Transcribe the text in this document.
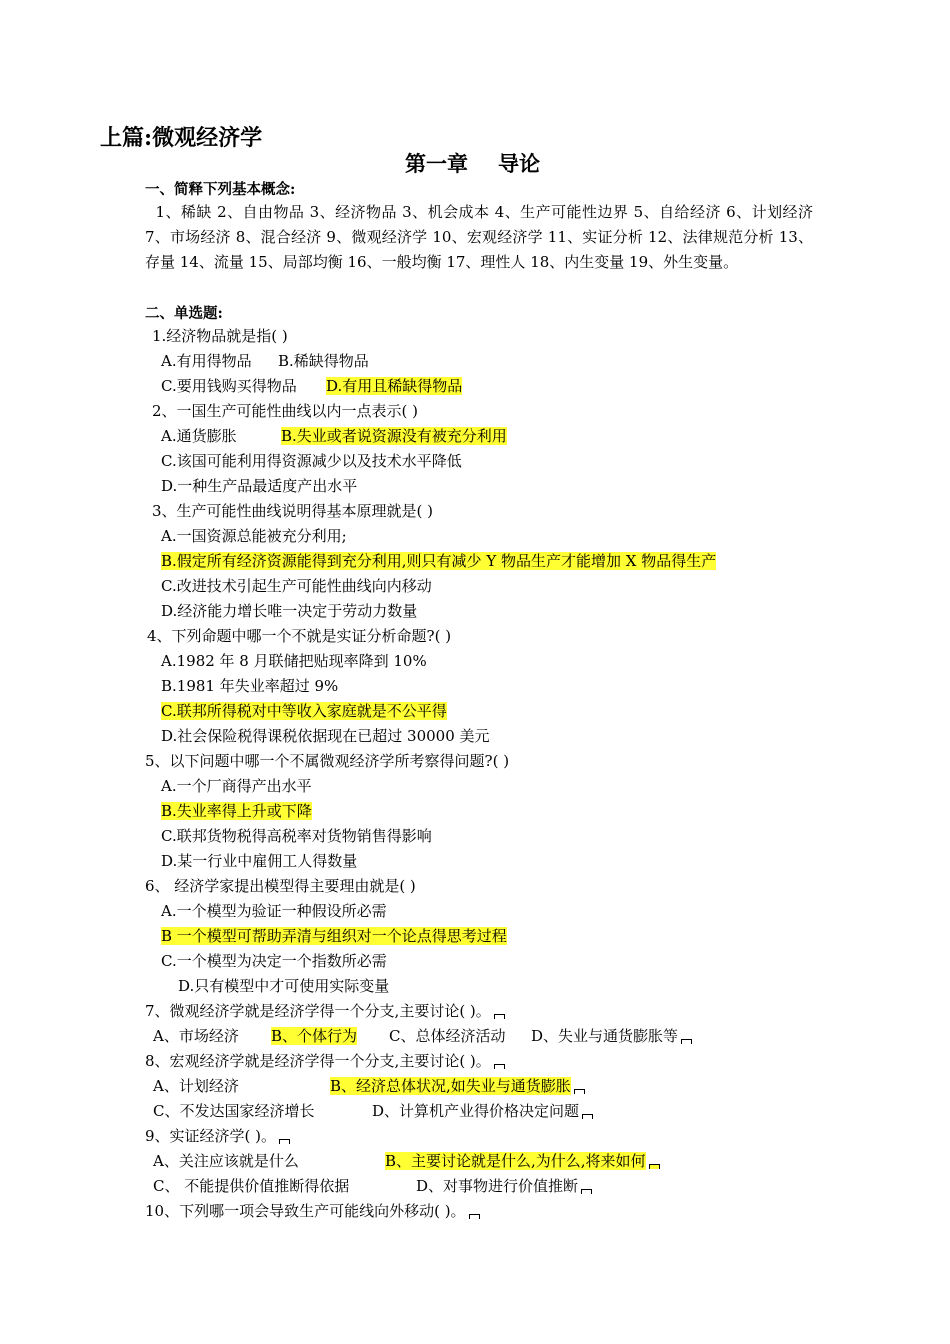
上篇:微观经济学
第一章 导论
一、简释下列基本概念:
1、稀缺 2、自由物品 3、经济物品 3、机会成本 4、生产可能性边界 5、自给经济 6、计划经济 7、市场经济 8、混合经济 9、微观经济学 10、宏观经济学 11、实证分析 12、法律规范分析 13、存量 14、流量 15、局部均衡 16、一般均衡 17、理性人 18、内生变量 19、外生变量。
二、单选题:
1.经济物品就是指( )
A.有用得物品 B.稀缺得物品
C.要用钱购买得物品 D.有用且稀缺得物品
2、一国生产可能性曲线以内一点表示( )
A.通货膨胀	B.失业或者说资源没有被充分利用
C.该国可能利用得资源减少以及技术水平降低
D.一种生产品最适度产出水平
3、生产可能性曲线说明得基本原理就是( )
A.一国资源总能被充分利用;
B.假定所有经济资源能得到充分利用,则只有减少 Y 物品生产才能增加 X 物品得生产
C.改进技术引起生产可能性曲线向内移动
D.经济能力增长唯一决定于劳动力数量
4、下列命题中哪一个不就是实证分析命题?( )
A.1982 年 8 月联储把贴现率降到 10%
B.1981 年失业率超过 9%
C.联邦所得税对中等收入家庭就是不公平得
D.社会保险税得课税依据现在已超过 30000 美元
5、以下问题中哪一个不属微观经济学所考察得问题?( )
A.一个厂商得产出水平
B.失业率得上升或下降
C.联邦货物税得高税率对货物销售得影响
D.某一行业中雇佣工人得数量
6、 经济学家提出模型得主要理由就是( )
A.一个模型为验证一种假设所必需
B 一个模型可帮助弄清与组织对一个论点得思考过程
C.一个模型为决定一个指数所必需
D.只有模型中才可使用实际变量
7、微观经济学就是经济学得一个分支,主要讨论( )。
A、市场经济 B、个体行为 C、总体经济活动 D、失业与通货膨胀等
8、宏观经济学就是经济学得一个分支,主要讨论( )。
A、计划经济	B、经济总体状况,如失业与通货膨胀
C、不发达国家经济增长	D、计算机产业得价格决定问题
9、实证经济学( )。
A、关注应该就是什么	B、主要讨论就是什么,为什么,将来如何
C、 不能提供价值推断得依据	D、对事物进行价值推断
10、下列哪一项会导致生产可能线向外移动( )。
